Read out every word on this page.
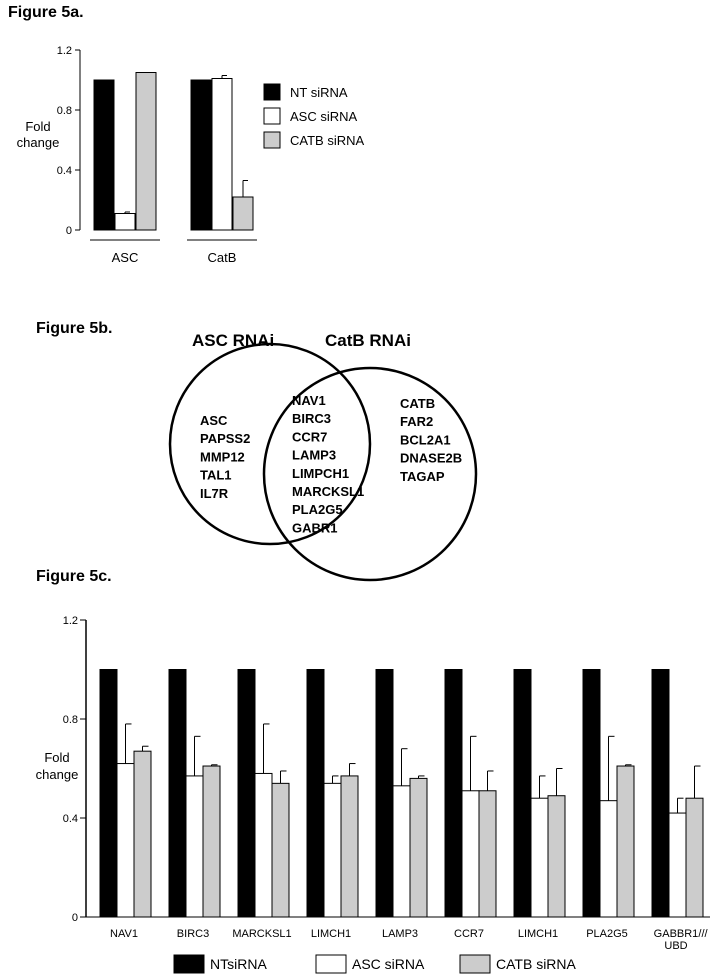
Figure 5a.
Figure 5b.
Figure 5c.
0
0.4
0.8
1.2
Fold change
ASC	CatB
NT siRNA
ASC siRNA
CATB siRNA
ASC RNAi	CatB RNAi
ASC
PAPSS2
MMP12
TAL1
IL7R
NAV1
BIRC3
CCR7
LAMP3
LIMPCH1
MARCKSL1
PLA2G5
GABR1
CATB
FAR2
BCL2A1
DNASE2B
TAGAP
0
0.4
0.8
1.2
Fold change
NAV1	BIRC3 MARCKSL1 LIMCH1	LAMP3	CCR7	LIMCH1	PLA2G5 GABBR1 UBD
///
NTsiRNA	ASC siRNA	CATB siRNA
